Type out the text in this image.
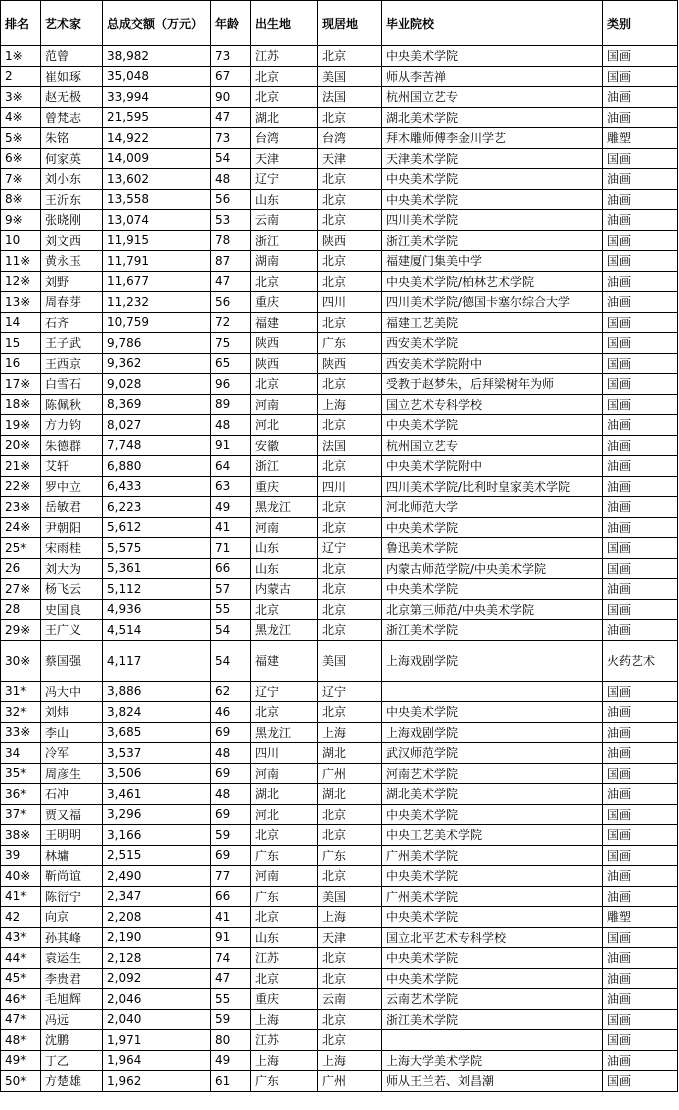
排名	艺术家	总成交额（万元）	年龄	出生地	现居地	毕业院校	类别
1※	范曾	38,982	73	江苏	北京	中央美术学院	国画
2	崔如琢	35,048	67	北京	美国	师从李苦禅	国画
3※	赵无极	33,994	90	北京	法国	杭州国立艺专	油画
4※	曾梵志	21,595	47	湖北	北京	湖北美术学院	油画
5※	朱铭	14,922	73	台湾	台湾	拜木雕师傅李金川学艺	雕塑
6※	何家英	14,009	54	天津	天津	天津美术学院	国画
7※	刘小东	13,602	48	辽宁	北京	中央美术学院	油画
8※	王沂东	13,558	56	山东	北京	中央美术学院	油画
9※	张晓刚	13,074	53	云南	北京	四川美术学院	油画
10	刘文西	11,915	78	浙江	陕西	浙江美术学院	国画
11※	黄永玉	11,791	87	湖南	北京	福建厦门集美中学	国画
12※	刘野	11,677	47	北京	北京	中央美术学院/柏林艺术学院	油画
13※	周春芽	11,232	56	重庆	四川	四川美术学院/德国卡塞尔综合大学	油画
14	石齐	10,759	72	福建	北京	福建工艺美院	国画
15	王子武	9,786	75	陕西	广东	西安美术学院	国画
16	王西京	9,362	65	陕西	陕西	西安美术学院附中	国画
17※	白雪石	9,028	96	北京	北京	受教于赵梦朱，后拜梁树年为师	国画
18※	陈佩秋	8,369	89	河南	上海	国立艺术专科学校	国画
19※	方力钧	8,027	48	河北	北京	中央美术学院	油画
20※	朱德群	7,748	91	安徽	法国	杭州国立艺专	油画
21※	艾轩	6,880	64	浙江	北京	中央美术学院附中	油画
22※	罗中立	6,433	63	重庆	四川	四川美术学院/比利时皇家美术学院	油画
23※	岳敏君	6,223	49	黑龙江	北京	河北师范大学	油画
24※	尹朝阳	5,612	41	河南	北京	中央美术学院	油画
25*	宋雨桂	5,575	71	山东	辽宁	鲁迅美术学院	国画
26	刘大为	5,361	66	山东	北京	内蒙古师范学院/中央美术学院	国画
27※	杨飞云	5,112	57	内蒙古	北京	中央美术学院	油画
28	史国良	4,936	55	北京	北京	北京第三师范/中央美术学院	国画
29※	王广义	4,514	54	黑龙江	北京	浙江美术学院	油画
30※	蔡国强	4,117	54	福建	美国	上海戏剧学院	火药艺术
31*	冯大中	3,886	62	辽宁	辽宁		国画
32*	刘炜	3,824	46	北京	北京	中央美术学院	油画
33※	李山	3,685	69	黑龙江	上海	上海戏剧学院	油画
34	冷军	3,537	48	四川	湖北	武汉师范学院	油画
35*	周彦生	3,506	69	河南	广州	河南艺术学院	国画
36*	石冲	3,461	48	湖北	湖北	湖北美术学院	油画
37*	贾又福	3,296	69	河北	北京	中央美术学院	国画
38※	王明明	3,166	59	北京	北京	中央工艺美术学院	国画
39	林墉	2,515	69	广东	广东	广州美术学院	国画
40※	靳尚谊	2,490	77	河南	北京	中央美术学院	油画
41*	陈衍宁	2,347	66	广东	美国	广州美术学院	油画
42	向京	2,208	41	北京	上海	中央美术学院	雕塑
43*	孙其峰	2,190	91	山东	天津	国立北平艺术专科学校	国画
44*	袁运生	2,128	74	江苏	北京	中央美术学院	油画
45*	李贵君	2,092	47	北京	北京	中央美术学院	油画
46*	毛旭辉	2,046	55	重庆	云南	云南艺术学院	油画
47*	冯远	2,040	59	上海	北京	浙江美术学院	国画
48*	沈鹏	1,971	80	江苏	北京		国画
49*	丁乙	1,964	49	上海	上海	上海大学美术学院	油画
50*	方楚雄	1,962	61	广东	广州	师从王兰若、刘昌潮	国画
